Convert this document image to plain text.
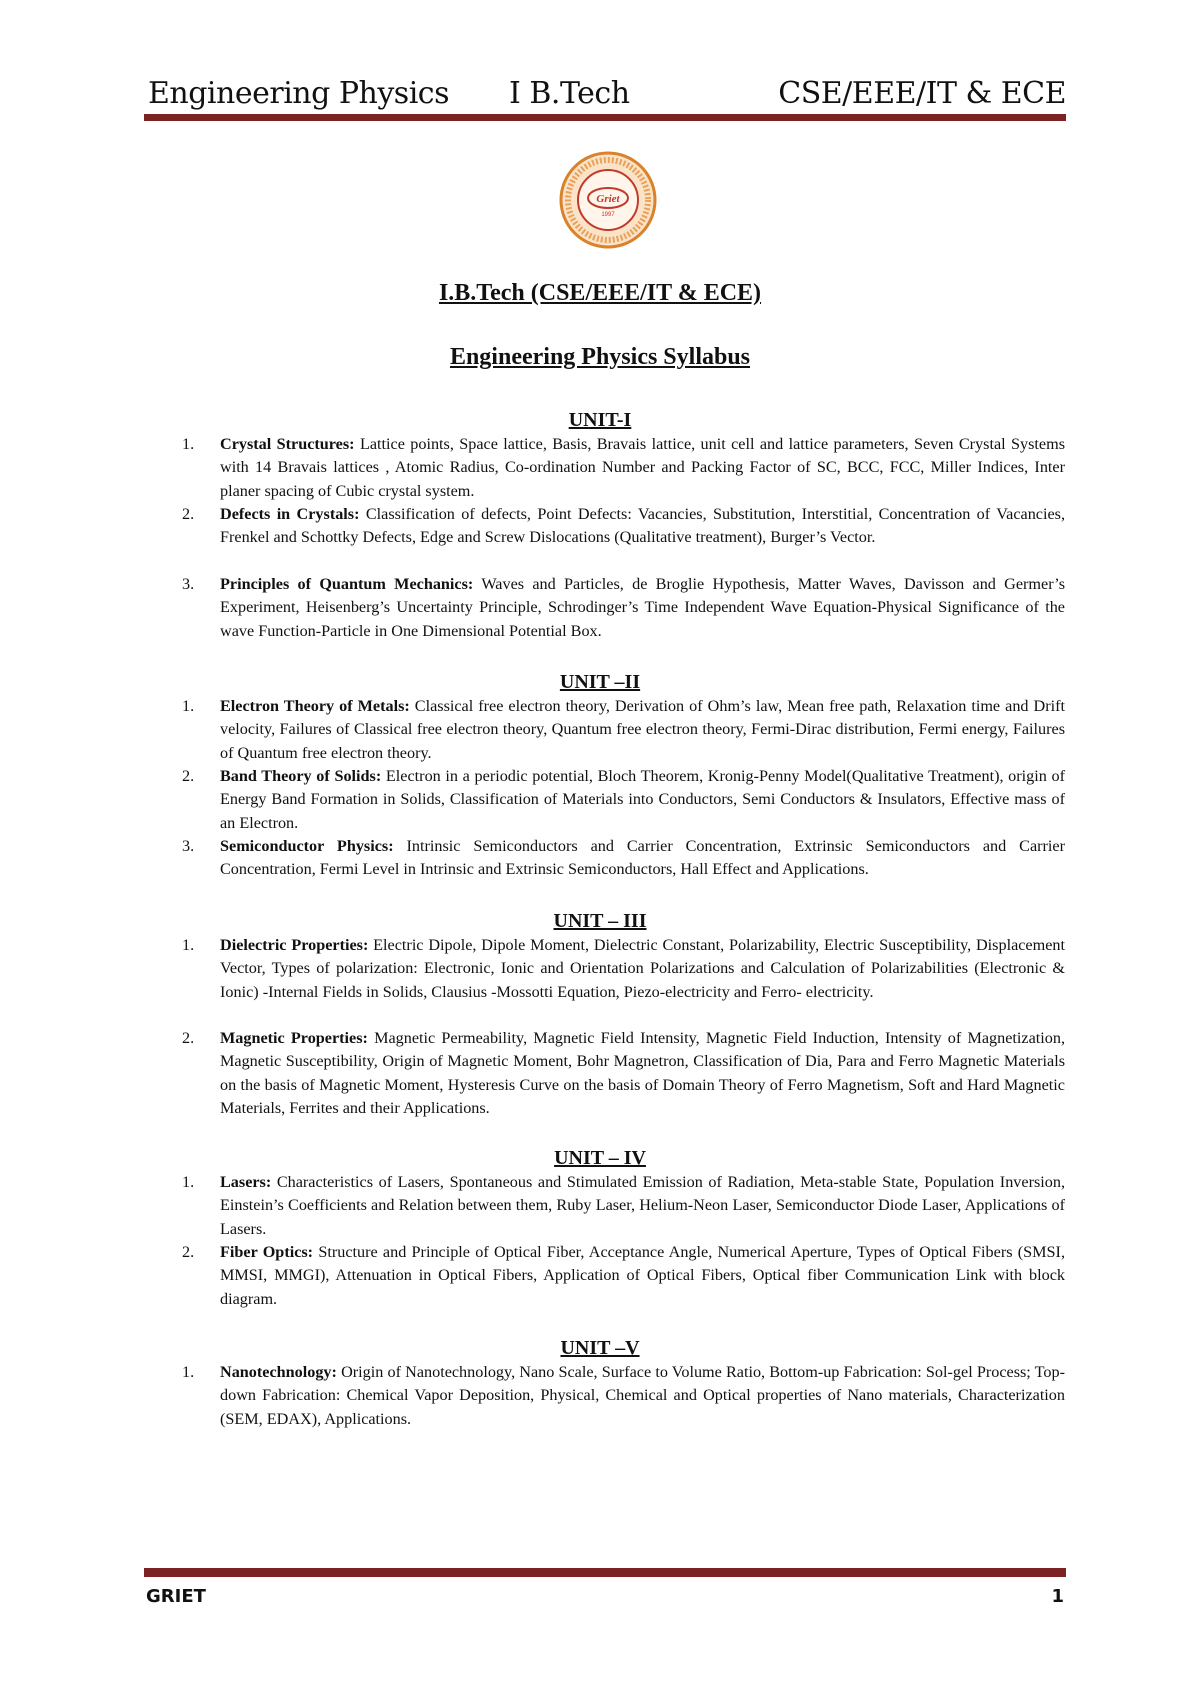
Engineering Physics I B.Tech	CSE/EEE/IT & ECE
Griet
1997
I.B.Tech (CSE/EEE/IT & ECE)
Engineering Physics Syllabus
UNIT-I
1.	Crystal Structures: Lattice points, Space lattice, Basis, Bravais lattice, unit cell and lattice parameters, Seven Crystal Systems with 14 Bravais lattices , Atomic Radius, Co-ordination Number and Packing Factor of SC, BCC, FCC, Miller Indices, Inter planer spacing of Cubic crystal system.
2.	Defects in Crystals: Classification of defects, Point Defects: Vacancies, Substitution, Interstitial, Concentration of Vacancies, Frenkel and Schottky Defects, Edge and Screw Dislocations (Qualitative treatment), Burger’s Vector.
3.	Principles of Quantum Mechanics: Waves and Particles, de Broglie Hypothesis, Matter Waves, Davisson and Germer’s Experiment, Heisenberg’s Uncertainty Principle, Schrodinger’s Time Independent Wave Equation-Physical Significance of the wave Function-Particle in One Dimensional Potential Box.
UNIT –II
1.	Electron Theory of Metals: Classical free electron theory, Derivation of Ohm’s law, Mean free path, Relaxation time and Drift velocity, Failures of Classical free electron theory, Quantum free electron theory, Fermi-Dirac distribution, Fermi energy, Failures of Quantum free electron theory.
2.	Band Theory of Solids: Electron in a periodic potential, Bloch Theorem, Kronig-Penny Model(Qualitative Treatment), origin of Energy Band Formation in Solids, Classification of Materials into Conductors, Semi Conductors & Insulators, Effective mass of an Electron.
3.	Semiconductor Physics: Intrinsic Semiconductors and Carrier Concentration, Extrinsic Semiconductors and Carrier Concentration, Fermi Level in Intrinsic and Extrinsic Semiconductors, Hall Effect and Applications.
UNIT – III
1.	Dielectric Properties: Electric Dipole, Dipole Moment, Dielectric Constant, Polarizability, Electric Susceptibility, Displacement Vector, Types of polarization: Electronic, Ionic and Orientation Polarizations and Calculation of Polarizabilities (Electronic & Ionic) -Internal Fields in Solids, Clausius -Mossotti Equation, Piezo-electricity and Ferro- electricity.
2.	Magnetic Properties: Magnetic Permeability, Magnetic Field Intensity, Magnetic Field Induction, Intensity of Magnetization, Magnetic Susceptibility, Origin of Magnetic Moment, Bohr Magnetron, Classification of Dia, Para and Ferro Magnetic Materials on the basis of Magnetic Moment, Hysteresis Curve on the basis of Domain Theory of Ferro Magnetism, Soft and Hard Magnetic Materials, Ferrites and their Applications.
UNIT – IV
1.	Lasers: Characteristics of Lasers, Spontaneous and Stimulated Emission of Radiation, Meta-stable State, Population Inversion, Einstein’s Coefficients and Relation between them, Ruby Laser, Helium-Neon Laser, Semiconductor Diode Laser, Applications of Lasers.
2.	Fiber Optics: Structure and Principle of Optical Fiber, Acceptance Angle, Numerical Aperture, Types of Optical Fibers (SMSI, MMSI, MMGI), Attenuation in Optical Fibers, Application of Optical Fibers, Optical fiber Communication Link with block diagram.
UNIT –V
1.	Nanotechnology: Origin of Nanotechnology, Nano Scale, Surface to Volume Ratio, Bottom-up Fabrication: Sol-gel Process; Top-down Fabrication: Chemical Vapor Deposition, Physical, Chemical and Optical properties of Nano materials, Characterization (SEM, EDAX), Applications.
GRIET	1
